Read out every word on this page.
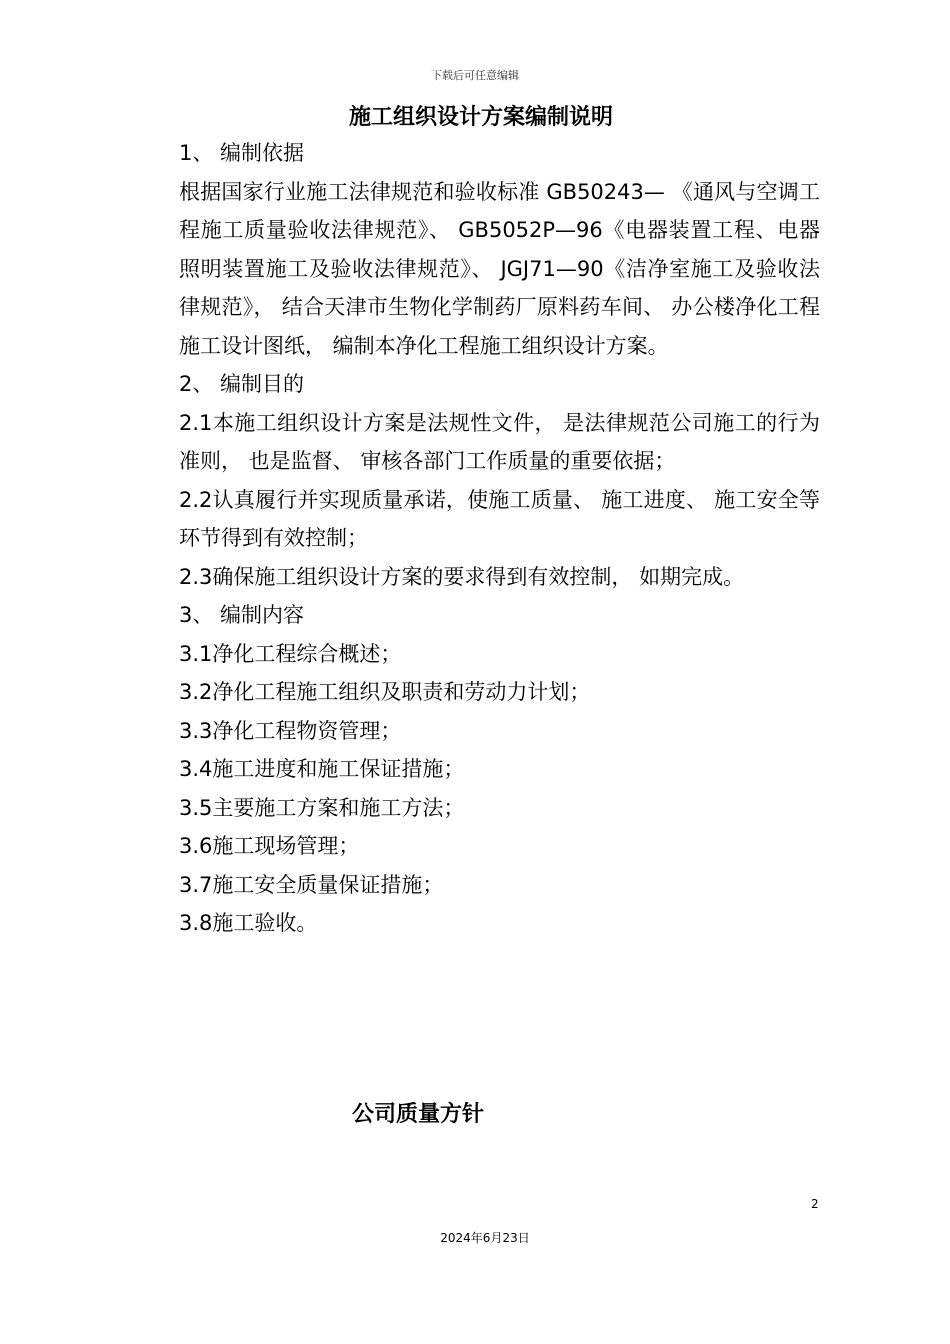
下载后可任意编辑
施工组织设计方案编制说明

1、 编制依据

根据国家行业施工法律规范和验收标准 GB50243— 《通风与空调工程施工质量验收法律规范》、 GB5052P—96《电器装置工程、电器照明装置施工及验收法律规范》、 JGJ71—90《洁净室施工及验收法律规范》， 结合天津市生物化学制药厂原料药车间、 办公楼净化工程施工设计图纸， 编制本净化工程施工组织设计方案。

2、 编制目的

2.1本施工组织设计方案是法规性文件， 是法律规范公司施工的行为准则， 也是监督、 审核各部门工作质量的重要依据；

2.2认真履行并实现质量承诺，使施工质量、 施工进度、 施工安全等环节得到有效控制；

2.3确保施工组织设计方案的要求得到有效控制， 如期完成。

3、 编制内容

3.1净化工程综合概述；

3.2净化工程施工组织及职责和劳动力计划；

3.3净化工程物资管理；

3.4施工进度和施工保证措施；

3.5主要施工方案和施工方法；

3.6施工现场管理；

3.7施工安全质量保证措施；

3.8施工验收。

公司质量方针
2
2024年6月23日
